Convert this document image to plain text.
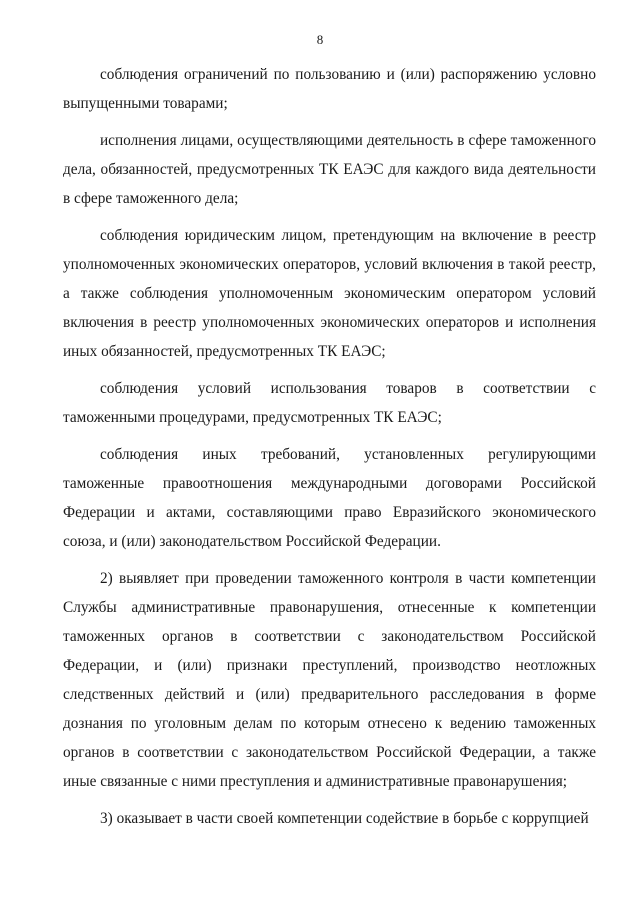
8

соблюдения ограничений по пользованию и (или) распоряжению условно выпущенными товарами;

исполнения лицами, осуществляющими деятельность в сфере таможенного дела, обязанностей, предусмотренных ТК ЕАЭС для каждого вида деятельности в сфере таможенного дела;

соблюдения юридическим лицом, претендующим на включение в реестр уполномоченных экономических операторов, условий включения в такой реестр, а также соблюдения уполномоченным экономическим оператором условий включения в реестр уполномоченных экономических операторов и исполнения иных обязанностей, предусмотренных ТК ЕАЭС;

соблюдения условий использования товаров в соответствии с таможенными процедурами, предусмотренных ТК ЕАЭС;

соблюдения иных требований, установленных регулирующими таможенные правоотношения международными договорами Российской Федерации и актами, составляющими право Евразийского экономического союза, и (или) законодательством Российской Федерации.

2) выявляет при проведении таможенного контроля в части компетенции Службы административные правонарушения, отнесенные к компетенции таможенных органов в соответствии с законодательством Российской Федерации, и (или) признаки преступлений, производство неотложных следственных действий и (или) предварительного расследования в форме дознания по уголовным делам по которым отнесено к ведению таможенных органов в соответствии с законодательством Российской Федерации, а также иные связанные с ними преступления и административные правонарушения;

3) оказывает в части своей компетенции содействие в борьбе с коррупцией
